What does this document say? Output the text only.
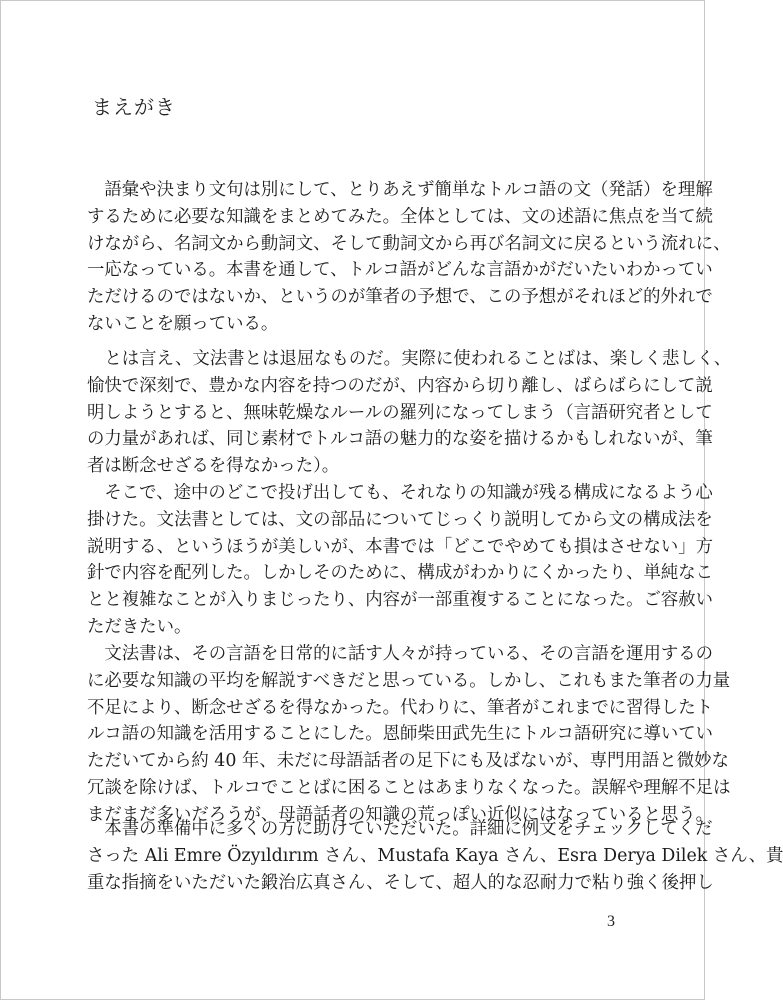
まえがき
　語彙や決まり文句は別にして、とりあえず簡単なトルコ語の文（発話）を理解
するために必要な知識をまとめてみた。全体としては、文の述語に焦点を当て続
けながら、名詞文から動詞文、そして動詞文から再び名詞文に戻るという流れに、
一応なっている。本書を通して、トルコ語がどんな言語かがだいたいわかってい
ただけるのではないか、というのが筆者の予想で、この予想がそれほど的外れで
ないことを願っている。
　とは言え、文法書とは退屈なものだ。実際に使われることばは、楽しく悲しく、
愉快で深刻で、豊かな内容を持つのだが、内容から切り離し、ばらばらにして説
明しようとすると、無味乾燥なルールの羅列になってしまう（言語研究者として
の力量があれば、同じ素材でトルコ語の魅力的な姿を描けるかもしれないが、筆
者は断念せざるを得なかった）。
　そこで、途中のどこで投げ出しても、それなりの知識が残る構成になるよう心
掛けた。文法書としては、文の部品についてじっくり説明してから文の構成法を
説明する、というほうが美しいが、本書では「どこでやめても損はさせない」方
針で内容を配列した。しかしそのために、構成がわかりにくかったり、単純なこ
とと複雑なことが入りまじったり、内容が一部重複することになった。ご容赦い
ただきたい。
　文法書は、その言語を日常的に話す人々が持っている、その言語を運用するの
に必要な知識の平均を解説すべきだと思っている。しかし、これもまた筆者の力量
不足により、断念せざるを得なかった。代わりに、筆者がこれまでに習得したト
ルコ語の知識を活用することにした。恩師柴田武先生にトルコ語研究に導いてい
ただいてから約 40 年、未だに母語話者の足下にも及ばないが、専門用語と微妙な
冗談を除けば、トルコでことばに困ることはあまりなくなった。誤解や理解不足は
まだまだ多いだろうが、母語話者の知識の荒っぽい近似にはなっていると思う。
　本書の準備中に多くの方に助けていただいた。詳細に例文をチェックしてくだ
さった Ali Emre Özyıldırım さん、Mustafa Kaya さん、Esra Derya Dilek さん、貴
重な指摘をいただいた鍛治広真さん、そして、超人的な忍耐力で粘り強く後押し
3
